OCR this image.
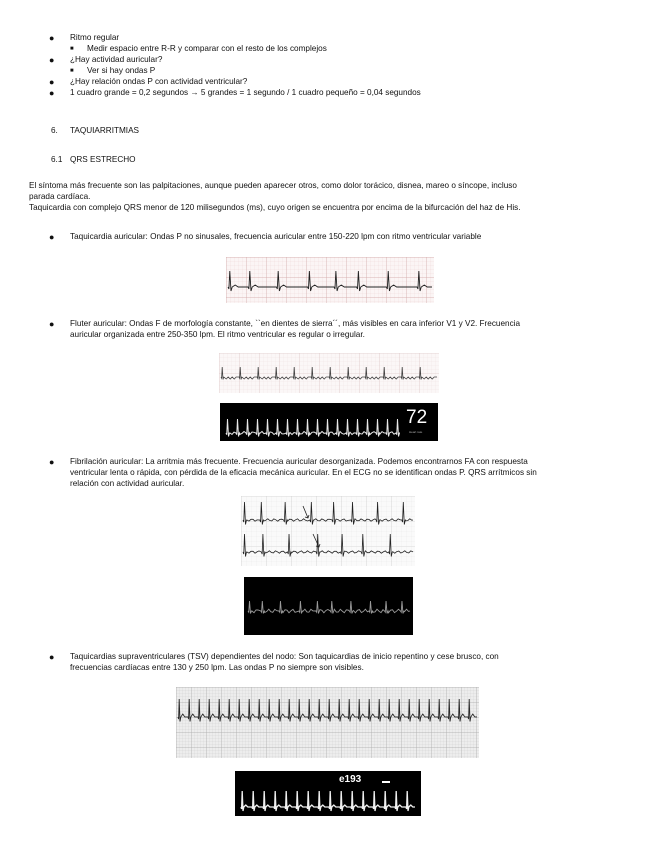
● Ritmo regular
■ Medir espacio entre R-R y comparar con el resto de los complejos
● ¿Hay actividad auricular?
■ Ver si hay ondas P
● ¿Hay relación ondas P con actividad ventricular?
● 1 cuadro grande = 0,2 segundos → 5 grandes = 1 segundo / 1 cuadro pequeño = 0,04 segundos
6. TAQUIARRITMIAS
6.1 QRS ESTRECHO
El síntoma más frecuente son las palpitaciones, aunque pueden aparecer otros, como dolor torácico, disnea, mareo o síncope, incluso
parada cardíaca.
Taquicardia con complejo QRS menor de 120 milisegundos (ms), cuyo origen se encuentra por encima de la bifurcación del haz de His.
● Taquicardia auricular: Ondas P no sinusales, frecuencia auricular entre 150-220 lpm con ritmo ventricular variable
● Fluter auricular: Ondas F de morfología constante, ``en dientes de sierra´´, más visibles en cara inferior V1 y V2. Frecuencia
auricular organizada entre 250-350 lpm. El ritmo ventricular es regular o irregular.
72
Heart rate
● Fibrilación auricular: La arritmia más frecuente. Frecuencia auricular desorganizada. Podemos encontrarnos FA con respuesta
ventricular lenta o rápida, con pérdida de la eficacia mecánica auricular. En el ECG no se identifican ondas P. QRS arrítmicos sin
relación con actividad auricular.
● Taquicardias supraventriculares (TSV) dependientes del nodo: Son taquicardias de inicio repentino y cese brusco, con
frecuencias cardíacas entre 130 y 250 lpm. Las ondas P no siempre son visibles.
e193
